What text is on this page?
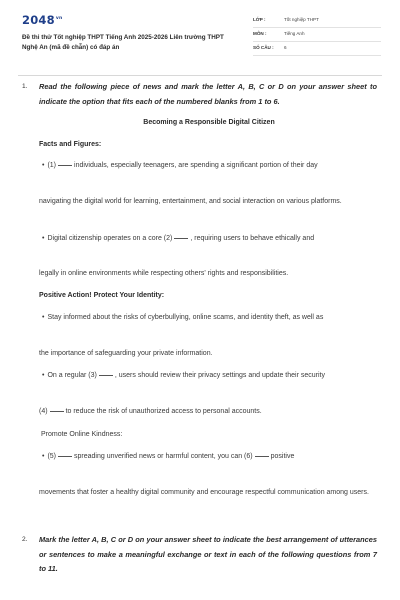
$2048^{vn}$
Đề thi thử Tốt nghiệp THPT Tiếng Anh 2025-2026 Liên trường THPT Nghệ An (mã đề chẵn) có đáp án
LỚP :	Tốt nghiệp THPT
MÔN :	Tiếng Anh
SỐ CÂU : 6
1. Read the following piece of news and mark the letter A, B, C or D on your answer sheet to indicate the option that fits each of the numbered blanks from 1 to 6.
Becoming a Responsible Digital Citizen
Facts and Figures:
• (1)	individuals, especially teenagers, are spending a significant portion of their day
navigating the digital world for learning, entertainment, and social interaction on various platforms.
• Digital citizenship operates on a core (2)	, requiring users to behave ethically and
legally in online environments while respecting others' rights and responsibilities.
Positive Action! Protect Your Identity:
• Stay informed about the risks of cyberbullying, online scams, and identity theft, as well as
the importance of safeguarding your private information.
• On a regular (3)	, users should review their privacy settings and update their security
(4)	to reduce the risk of unauthorized access to personal accounts.
Promote Online Kindness:
• (5)	spreading unverified news or harmful content, you can (6)	positive
movements that foster a healthy digital community and encourage respectful communication among users.
2. Mark the letter A, B, C or D on your answer sheet to indicate the best arrangement of utterances or sentences to make a meaningful exchange or text in each of the following questions from 7 to 11.
